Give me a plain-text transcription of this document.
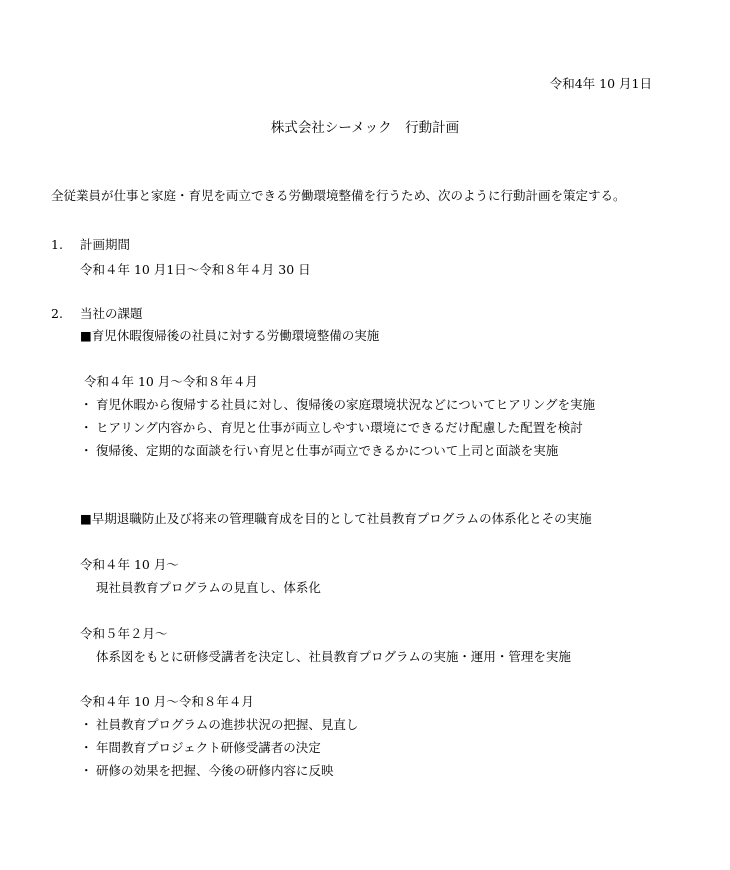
令和4年 10 月1日
株式会社シーメック　行動計画
全従業員が仕事と家庭・育児を両立できる労働環境整備を行うため、次のように行動計画を策定する。
1.	計画期間
令和４年 10 月1日～令和８年４月 30 日
2.	当社の課題
■育児休暇復帰後の社員に対する労働環境整備の実施
令和４年 10 月～令和８年４月
・ 育児休暇から復帰する社員に対し、復帰後の家庭環境状況などについてヒアリングを実施
・ ヒアリング内容から、育児と仕事が両立しやすい環境にできるだけ配慮した配置を検討
・ 復帰後、定期的な面談を行い育児と仕事が両立できるかについて上司と面談を実施
■早期退職防止及び将来の管理職育成を目的として社員教育プログラムの体系化とその実施
令和４年 10 月～
現社員教育プログラムの見直し、体系化
令和５年２月～
体系図をもとに研修受講者を決定し、社員教育プログラムの実施・運用・管理を実施
令和４年 10 月～令和８年４月
・ 社員教育プログラムの進捗状況の把握、見直し
・ 年間教育プロジェクト研修受講者の決定
・ 研修の効果を把握、今後の研修内容に反映
